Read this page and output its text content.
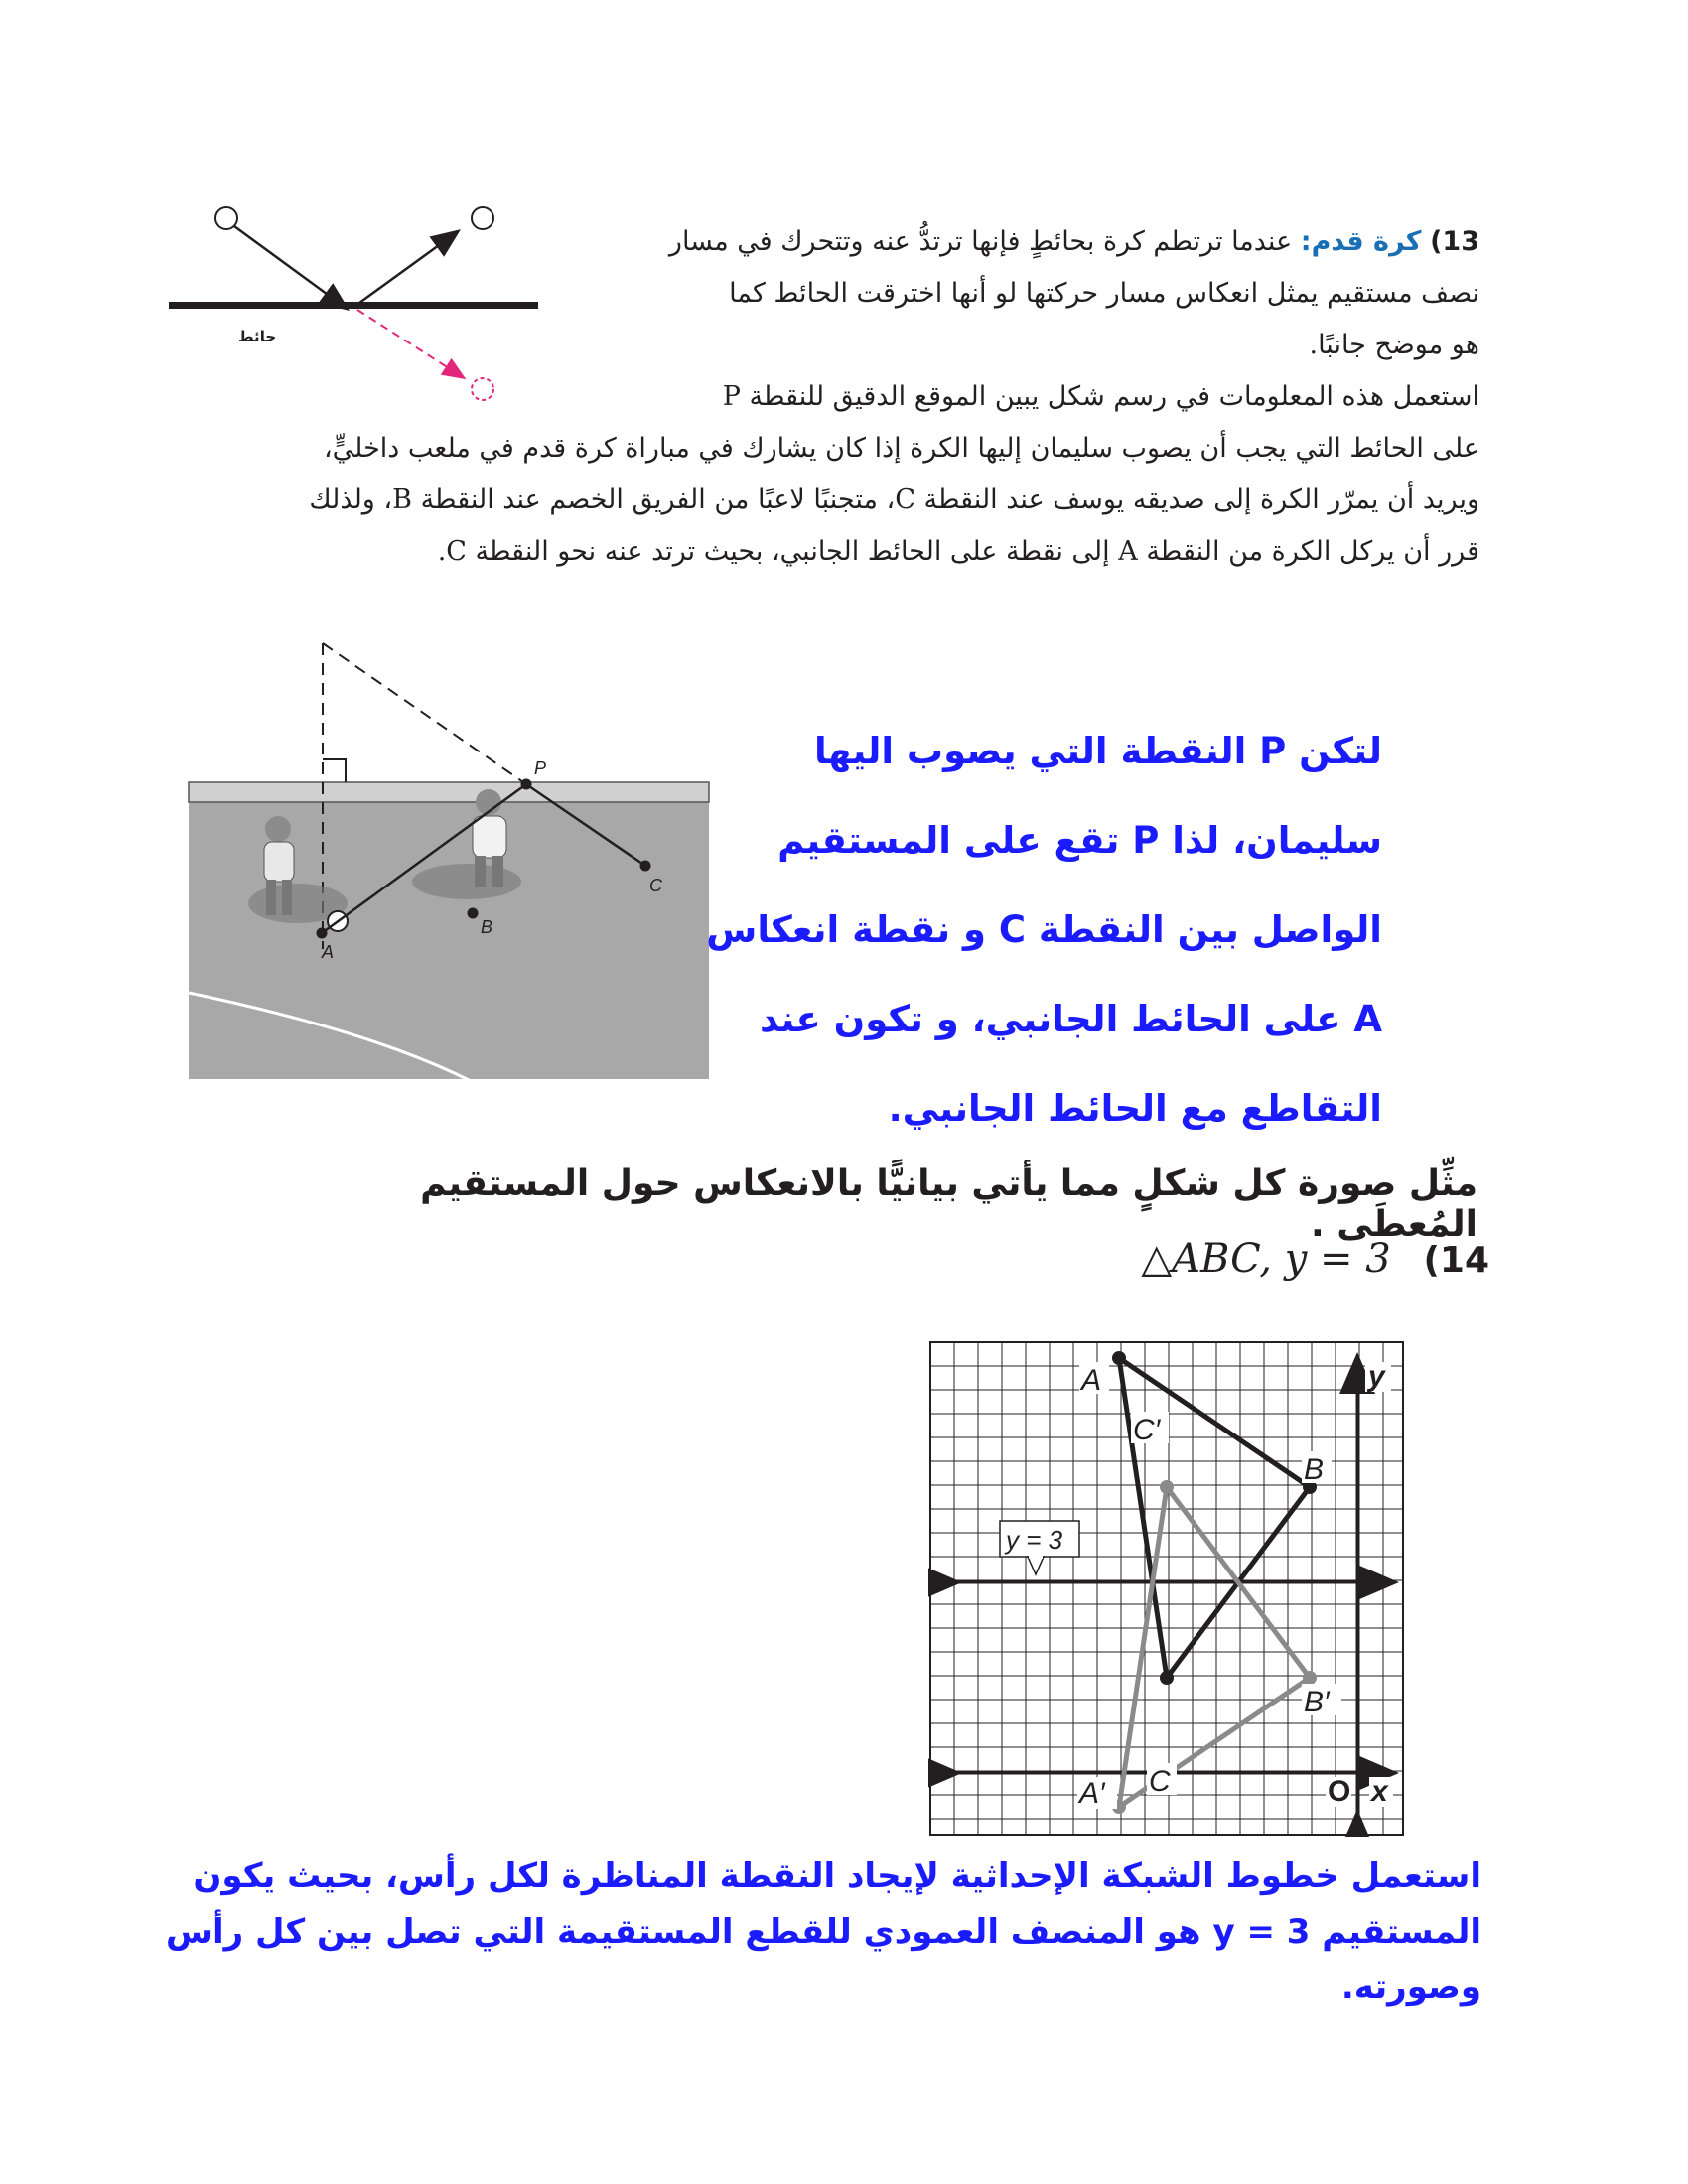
13) كرة قدم: عندما ترتطم كرة بحائطٍ فإنها ترتدُّ عنه وتتحرك في مسار
نصف مستقيم يمثل انعكاس مسار حركتها لو أنها اخترقت الحائط كما
هو موضح جانبًا.
استعمل هذه المعلومات في رسم شكل يبين الموقع الدقيق للنقطة P
على الحائط التي يجب أن يصوب سليمان إليها الكرة إذا كان يشارك في مباراة كرة قدم في ملعب داخليٍّ،
ويريد أن يمرّر الكرة إلى صديقه يوسف عند النقطة C، متجنبًا لاعبًا من الفريق الخصم عند النقطة B، ولذلك
قرر أن يركل الكرة من النقطة A إلى نقطة على الحائط الجانبي، بحيث ترتد عنه نحو النقطة C.
حائط
P
A
B
C
لتكن P النقطة التي يصوب اليها
سليمان، لذا P تقع على المستقيم
الواصل بين النقطة C و نقطة انعكاس
A على الحائط الجانبي، و تكون عند
التقاطع مع الحائط الجانبي.
مثِّل صورة كل شكلٍ مما يأتي بيانيًّا بالانعكاس حول المستقيم المُعطَى .
△ABC, y = 3 (14
y = 3
A
B
C
C′
B′
A′
y
x
O
استعمل خطوط الشبكة الإحداثية لإيجاد النقطة المناظرة لكل رأس، بحيث يكون
المستقيم y = 3 هو المنصف العمودي للقطع المستقيمة التي تصل بين كل رأس
وصورته.
